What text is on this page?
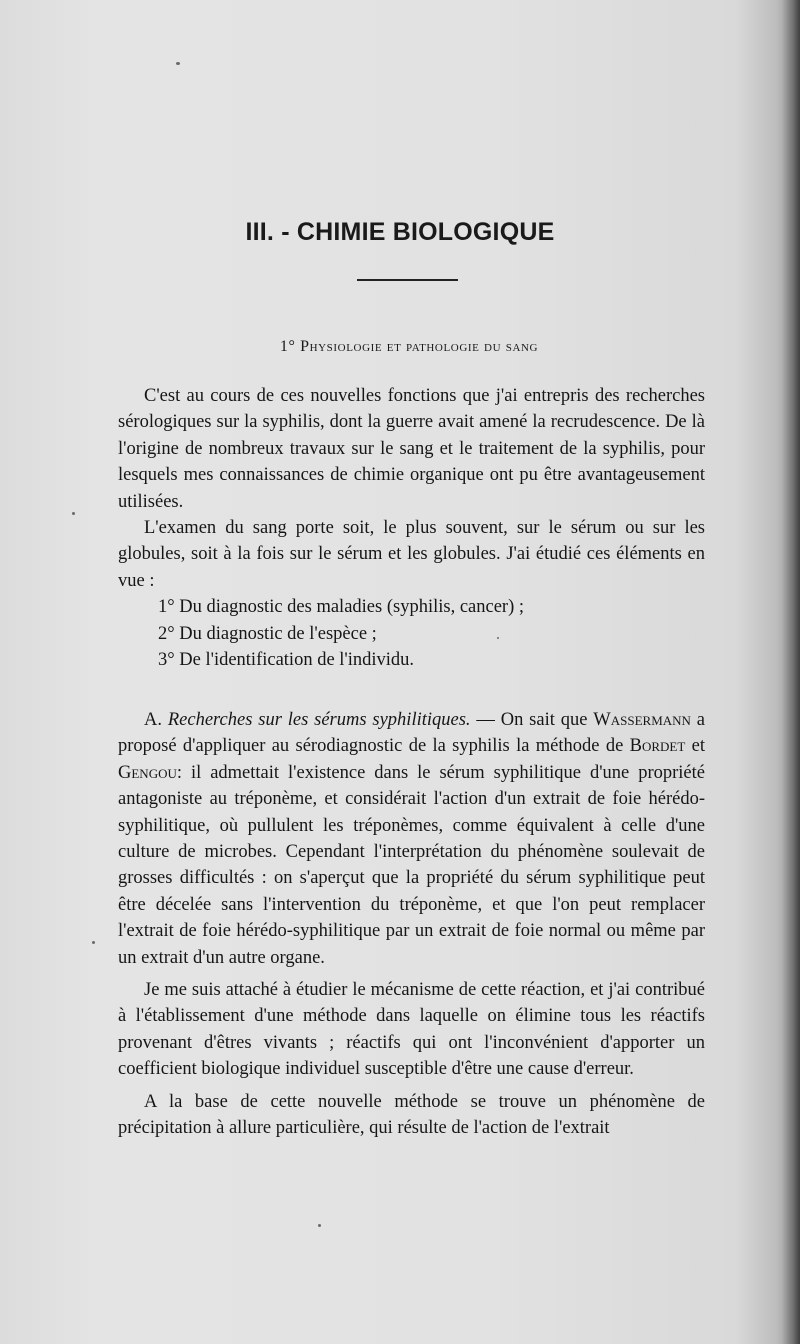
III. - CHIMIE BIOLOGIQUE
1° Physiologie et pathologie du sang

C'est au cours de ces nouvelles fonctions que j'ai entrepris des recherches sérologiques sur la syphilis, dont la guerre avait amené la recrudescence. De là l'origine de nombreux travaux sur le sang et le traitement de la syphilis, pour lesquels mes connaissances de chimie organique ont pu être avantageusement utilisées.

L'examen du sang porte soit, le plus souvent, sur le sérum ou sur les globules, soit à la fois sur le sérum et les globules. J'ai étudié ces éléments en vue :

1° Du diagnostic des maladies (syphilis, cancer) ;

2° Du diagnostic de l'espèce ;

3° De l'identification de l'individu.

A. Recherches sur les sérums syphilitiques. — On sait que Wassermann a proposé d'appliquer au sérodiagnostic de la syphilis la méthode de Bordet et Gengou: il admettait l'existence dans le sérum syphilitique d'une propriété antagoniste au tréponème, et considérait l'action d'un extrait de foie hérédo-syphilitique, où pullulent les tréponèmes, comme équivalent à celle d'une culture de microbes. Cependant l'interprétation du phénomène soulevait de grosses difficultés : on s'aperçut que la propriété du sérum syphilitique peut être décelée sans l'intervention du tréponème, et que l'on peut remplacer l'extrait de foie hérédo-syphilitique par un extrait de foie normal ou même par un extrait d'un autre organe.

Je me suis attaché à étudier le mécanisme de cette réaction, et j'ai contribué à l'établissement d'une méthode dans laquelle on élimine tous les réactifs provenant d'êtres vivants ; réactifs qui ont l'inconvénient d'apporter un coefficient biologique individuel susceptible d'être une cause d'erreur.

A la base de cette nouvelle méthode se trouve un phénomène de précipitation à allure particulière, qui résulte de l'action de l'extrait
